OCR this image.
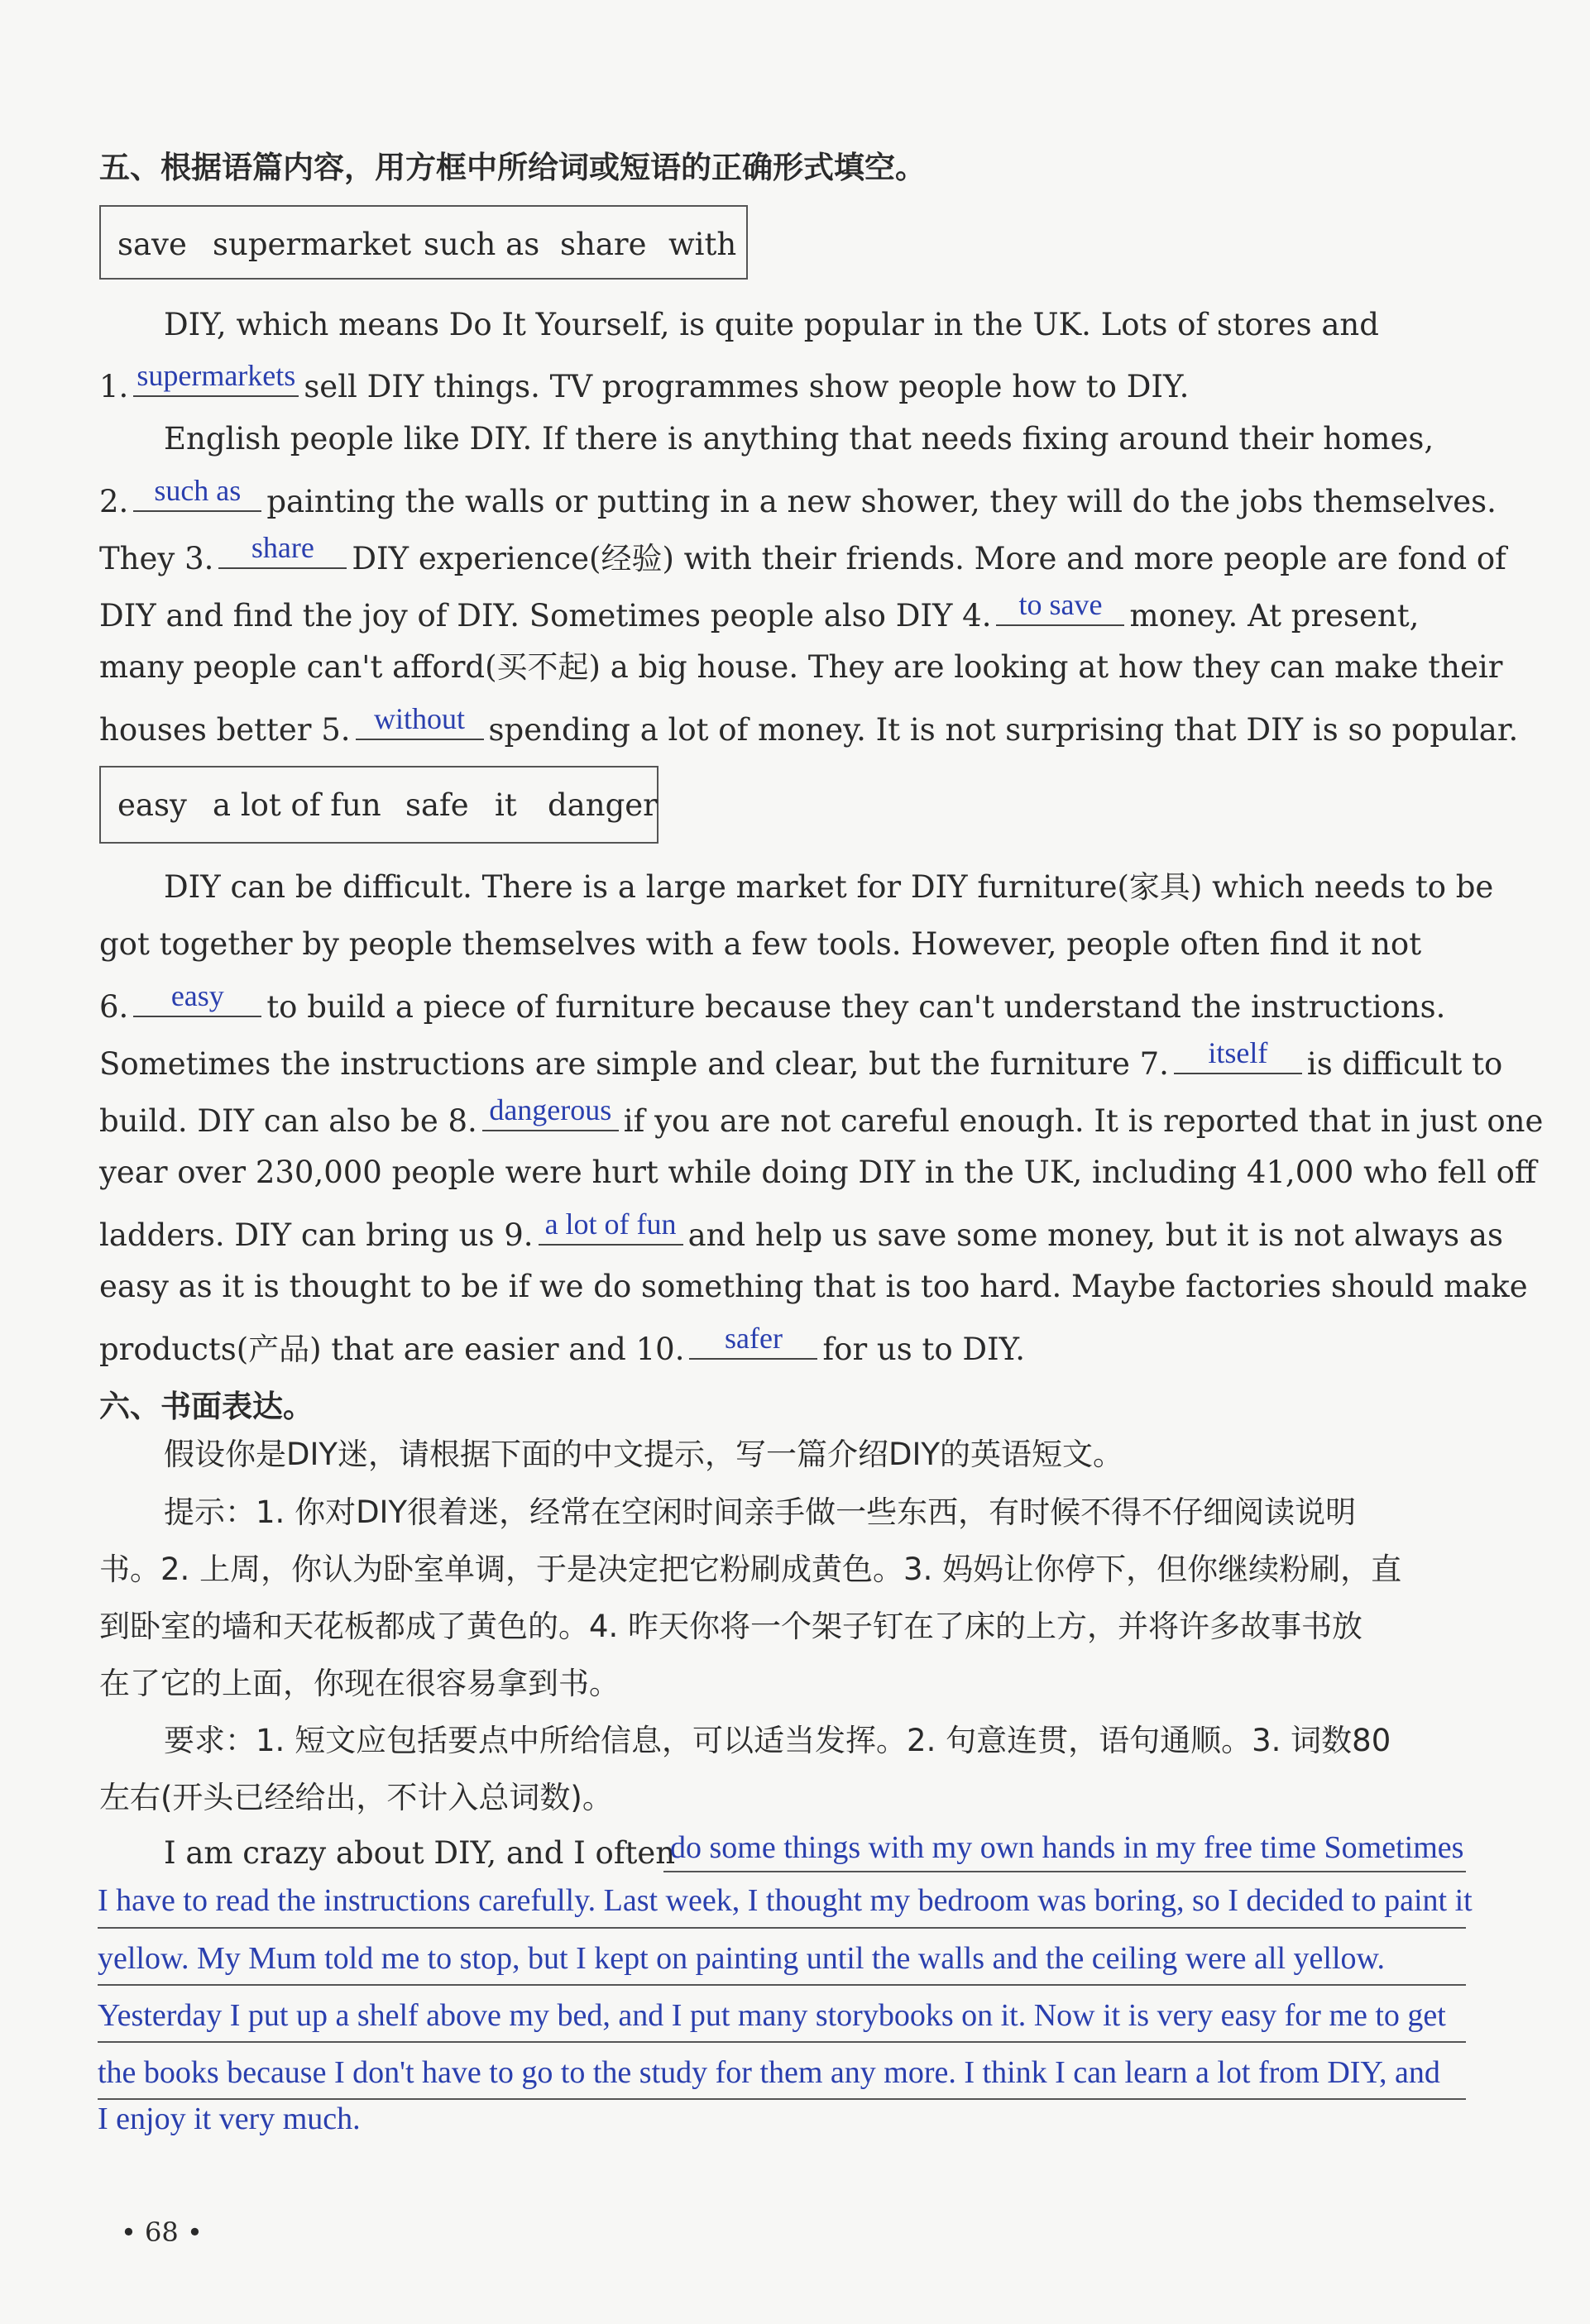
五、根据语篇内容，用方框中所给词或短语的正确形式填空。
save supermarket such as share with
DIY, which means Do It Yourself, is quite popular in the UK. Lots of stores and
1. supermarkets sell DIY things. TV programmes show people how to DIY.
English people like DIY. If there is anything that needs fixing around their homes,
2. such as painting the walls or putting in a new shower, they will do the jobs themselves.
They 3.	share	DIY experience(经验) with their friends. More and more people are fond of
DIY and find the joy of DIY. Sometimes people also DIY 4. to save money. At present,
many people can't afford(买不起) a big house. They are looking at how they can make their
houses better 5. without spending a lot of money. It is not surprising that DIY is so popular.
easy a lot of fun safe it danger
DIY can be difficult. There is a large market for DIY furniture(家具) which needs to be
got together by people themselves with a few tools. However, people often find it not
6.	easy	to build a piece of furniture because they can't understand the instructions.
Sometimes the instructions are simple and clear, but the furniture 7.	itself	is difficult to
build. DIY can also be 8. dangerous if you are not careful enough. It is reported that in just one
year over 230,000 people were hurt while doing DIY in the UK, including 41,000 who fell off
ladders. DIY can bring us 9. a lot of fun and help us save some money, but it is not always as
easy as it is thought to be if we do something that is too hard. Maybe factories should make
products(产品) that are easier and 10.	safer	for us to DIY.
六、书面表达。
假设你是DIY迷，请根据下面的中文提示，写一篇介绍DIY的英语短文。
提示：1. 你对DIY很着迷，经常在空闲时间亲手做一些东西，有时候不得不仔细阅读说明
书。2. 上周，你认为卧室单调，于是决定把它粉刷成黄色。3. 妈妈让你停下，但你继续粉刷，直
到卧室的墙和天花板都成了黄色的。4. 昨天你将一个架子钉在了床的上方，并将许多故事书放
在了它的上面，你现在很容易拿到书。
要求：1. 短文应包括要点中所给信息，可以适当发挥。2. 句意连贯，语句通顺。3. 词数80
左右(开头已经给出，不计入总词数)。
I am crazy about DIY, and I often
do some things with my own hands in my free time Sometimes
I have to read the instructions carefully. Last week, I thought my bedroom was boring, so I decided to paint it
yellow. My Mum told me to stop, but I kept on painting until the walls and the ceiling were all yellow.
Yesterday I put up a shelf above my bed, and I put many storybooks on it. Now it is very easy for me to get
the books because I don't have to go to the study for them any more. I think I can learn a lot from DIY, and
I enjoy it very much.
• 68 •
